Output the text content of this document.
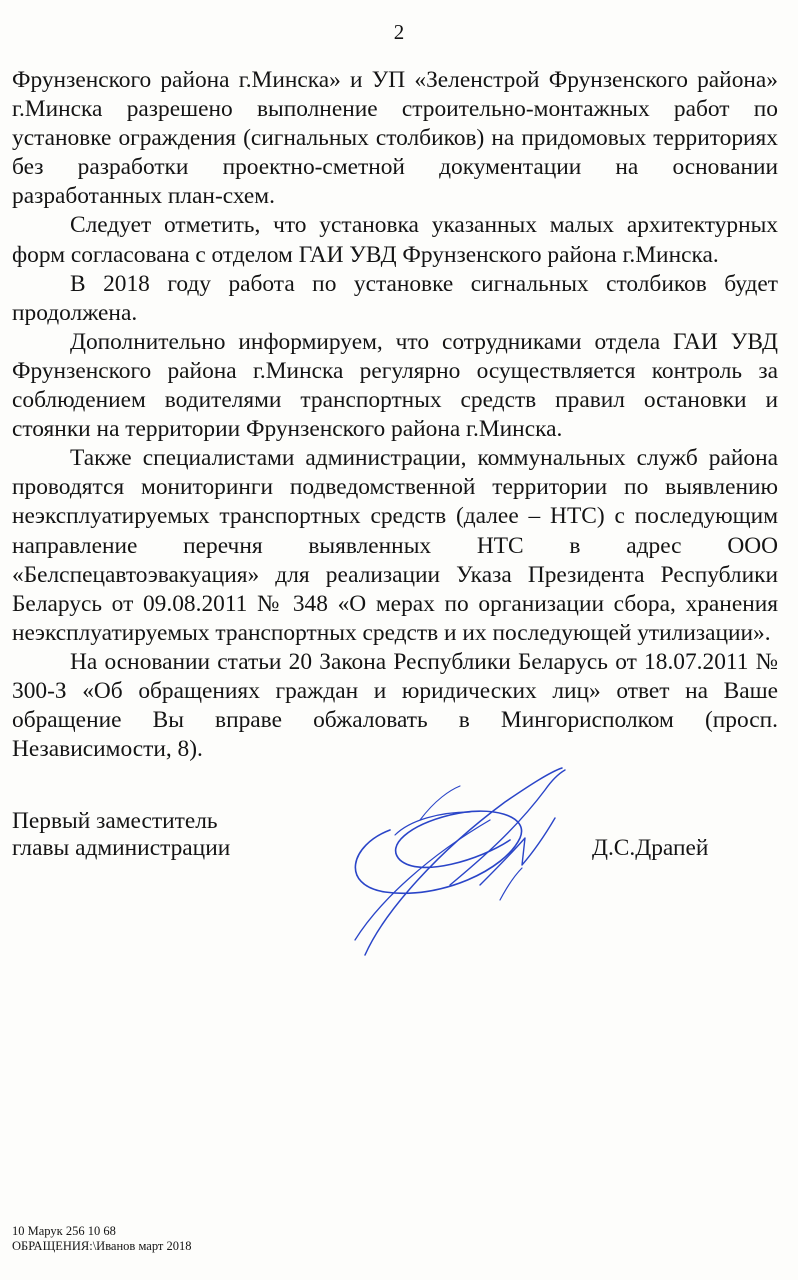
2

Фрунзенского района г.Минска» и УП «Зеленстрой Фрунзенского района» г.Минска разрешено выполнение строительно-монтажных работ по установке ограждения (сигнальных столбиков) на придомовых территориях без разработки проектно-сметной документации на основании разработанных план-схем.

Следует отметить, что установка указанных малых архитектурных форм согласована с отделом ГАИ УВД Фрунзенского района г.Минска.

В 2018 году работа по установке сигнальных столбиков будет продолжена.

Дополнительно информируем, что сотрудниками отдела ГАИ УВД Фрунзенского района г.Минска регулярно осуществляется контроль за соблюдением водителями транспортных средств правил остановки и стоянки на территории Фрунзенского района г.Минска.

Также специалистами администрации, коммунальных служб района проводятся мониторинги подведомственной территории по выявлению неэксплуатируемых транспортных средств (далее – НТС) с последующим направление перечня выявленных НТС в адрес ООО «Белспецавтоэвакуация» для реализации Указа Президента Республики Беларусь от 09.08.2011 № 348 «О мерах по организации сбора, хранения неэксплуатируемых транспортных средств и их последующей утилизации».

На основании статьи 20 Закона Республики Беларусь от 18.07.2011 № 300-З «Об обращениях граждан и юридических лиц» ответ на Ваше обращение Вы вправе обжаловать в Мингорисполком (просп. Независимости, 8).

Первый заместитель
главы администрации	Д.С.Драпей
10 Марук 256 10 68
ОБРАЩЕНИЯ:\Иванов март 2018
